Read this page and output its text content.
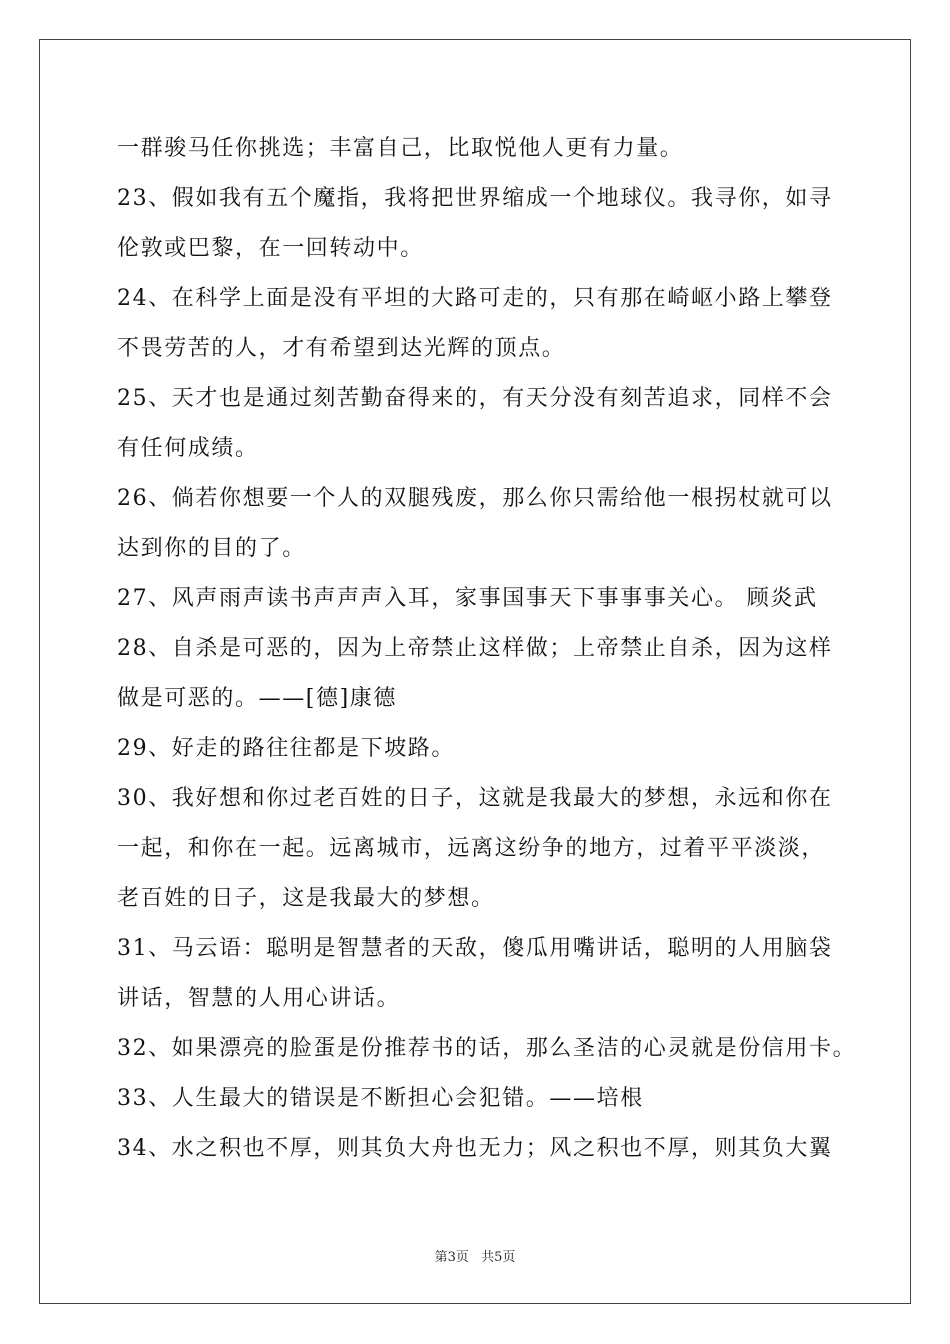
一群骏马任你挑选；丰富自己，比取悦他人更有力量。
23、假如我有五个魔指，我将把世界缩成一个地球仪。我寻你，如寻
伦敦或巴黎，在一回转动中。
24、在科学上面是没有平坦的大路可走的，只有那在崎岖小路上攀登
不畏劳苦的人，才有希望到达光辉的顶点。
25、天才也是通过刻苦勤奋得来的，有天分没有刻苦追求，同样不会
有任何成绩。
26、倘若你想要一个人的双腿残废，那么你只需给他一根拐杖就可以
达到你的目的了。
27、风声雨声读书声声声入耳，家事国事天下事事事关心。 顾炎武
28、自杀是可恶的，因为上帝禁止这样做；上帝禁止自杀，因为这样
做是可恶的。——[德]康德
29、好走的路往往都是下坡路。
30、我好想和你过老百姓的日子，这就是我最大的梦想，永远和你在
一起，和你在一起。远离城市，远离这纷争的地方，过着平平淡淡，
老百姓的日子，这是我最大的梦想。
31、马云语：聪明是智慧者的天敌，傻瓜用嘴讲话，聪明的人用脑袋
讲话，智慧的人用心讲话。
32、如果漂亮的脸蛋是份推荐书的话，那么圣洁的心灵就是份信用卡。
33、人生最大的错误是不断担心会犯错。——培根
34、水之积也不厚，则其负大舟也无力；风之积也不厚，则其负大翼
第3页 共5页
